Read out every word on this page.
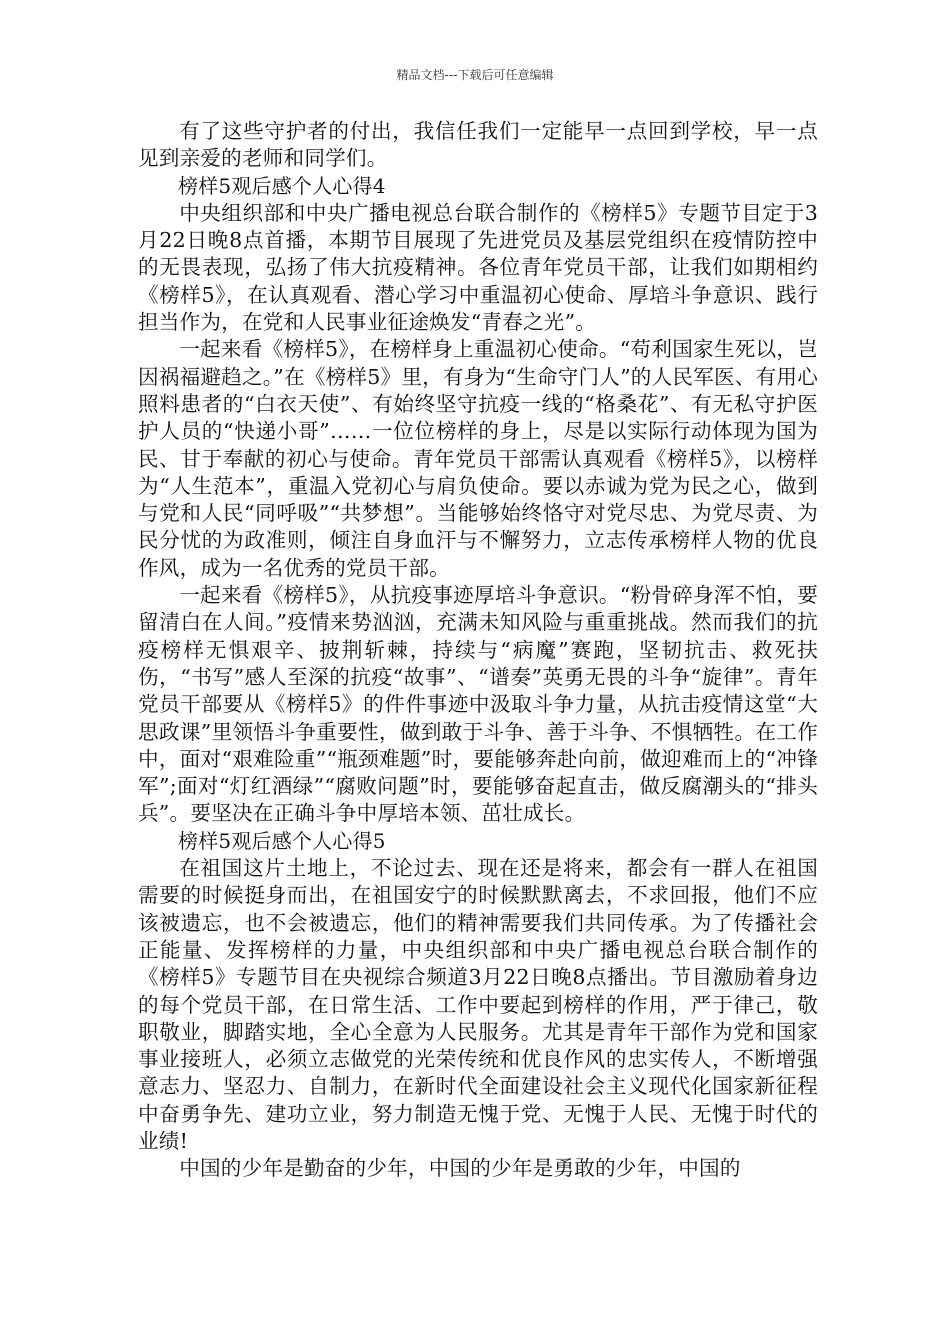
精品文档---下载后可任意编辑

有了这些守护者的付出，我信任我们一定能早一点回到学校，早一点见到亲爱的老师和同学们。

榜样5观后感个人心得4

中央组织部和中央广播电视总台联合制作的《榜样5》专题节目定于3月22日晚8点首播，本期节目展现了先进党员及基层党组织在疫情防控中的无畏表现，弘扬了伟大抗疫精神。各位青年党员干部，让我们如期相约《榜样5》，在认真观看、潜心学习中重温初心使命、厚培斗争意识、践行担当作为，在党和人民事业征途焕发“青春之光”。

一起来看《榜样5》，在榜样身上重温初心使命。“苟利国家生死以，岂因祸福避趋之。”在《榜样5》里，有身为“生命守门人”的人民军医、有用心照料患者的“白衣天使”、有始终坚守抗疫一线的“格桑花”、有无私守护医护人员的“快递小哥”……一位位榜样的身上，尽是以实际行动体现为国为民、甘于奉献的初心与使命。青年党员干部需认真观看《榜样5》，以榜样为“人生范本”，重温入党初心与肩负使命。要以赤诚为党为民之心，做到与党和人民“同呼吸”“共梦想”。当能够始终恪守对党尽忠、为党尽责、为民分忧的为政准则，倾注自身血汗与不懈努力，立志传承榜样人物的优良作风，成为一名优秀的党员干部。

一起来看《榜样5》，从抗疫事迹厚培斗争意识。“粉骨碎身浑不怕，要留清白在人间。”疫情来势汹汹，充满未知风险与重重挑战。然而我们的抗疫榜样无惧艰辛、披荆斩棘，持续与“病魔”赛跑，坚韧抗击、救死扶伤，“书写”感人至深的抗疫“故事”、“谱奏”英勇无畏的斗争“旋律”。青年党员干部要从《榜样5》的件件事迹中汲取斗争力量，从抗击疫情这堂“大思政课”里领悟斗争重要性，做到敢于斗争、善于斗争、不惧牺牲。在工作中，面对“艰难险重”“瓶颈难题”时，要能够奔赴向前，做迎难而上的“冲锋军”;面对“灯红酒绿”“腐败问题”时，要能够奋起直击，做反腐潮头的“排头兵”。要坚决在正确斗争中厚培本领、茁壮成长。

榜样5观后感个人心得5

在祖国这片土地上，不论过去、现在还是将来，都会有一群人在祖国需要的时候挺身而出，在祖国安宁的时候默默离去，不求回报，他们不应该被遗忘，也不会被遗忘，他们的精神需要我们共同传承。为了传播社会正能量、发挥榜样的力量，中央组织部和中央广播电视总台联合制作的《榜样5》专题节目在央视综合频道3月22日晚8点播出。节目激励着身边的每个党员干部，在日常生活、工作中要起到榜样的作用，严于律己，敬职敬业，脚踏实地，全心全意为人民服务。尤其是青年干部作为党和国家事业接班人，必须立志做党的光荣传统和优良作风的忠实传人，不断增强意志力、坚忍力、自制力，在新时代全面建设社会主义现代化国家新征程中奋勇争先、建功立业，努力制造无愧于党、无愧于人民、无愧于时代的业绩!

中国的少年是勤奋的少年，中国的少年是勇敢的少年，中国的
